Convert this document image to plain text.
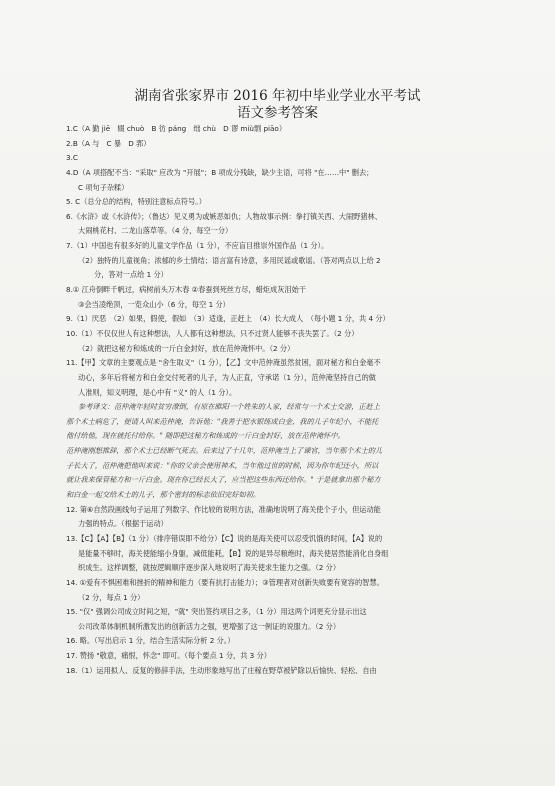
湖南省张家界市 2016 年初中毕业学业水平考试
语文参考答案
1.C（A 勤 jiē　辍 chuò　B 彷 páng　绌 chù　D 谬 miù剽 piāo）
2.B（A 与　C 暴　D 郛）
3.C
4.D（A 项搭配不当："采取" 应改为 "开展"；B 项成分残缺，缺少主语，可将 "在……中" 删去；
C 项句子杂糅）
5. C（总分总的结构，特别注意标点符号。）
6.《水浒》或《水浒传》；（鲁达）见义勇为或嫉恶如仇；人物故事示例：拳打镇关西、大闹野猪林、
大闹桃花村、二龙山落草等。（4 分，每空一分）
7.（1）中国也有很多好的儿童文学作品（1 分），不应盲目推崇外国作品（1 分）。
（2）独特的儿童视角；浓郁的乡土情结；语言富有诗意，多用民谣或歌谣。（答对两点以上给 2
分，答对一点给 1 分）
8.① 江舟倒畔千帆过，病树前头万木春 ②春蚕到死丝方尽，蜡炬成灰泪始干
③会当凌绝顶，一览众山小（6 分，每空 1 分）
9.（1）厌恶　（2）如果，假使，假如　（3）适逢，正赶上　（4）长大成人　（每小题 1 分，共 4 分）
10.（1）不仅仅世人有这种想法，人人都有这种想法，只不过贤人能够不丧失罢了。（2 分）
（2）就把这秘方和炼成的一斤白金封好，放在范仲淹怀中。（2 分）
11.【甲】文章的主要观点是 "舍生取义"（1 分），【乙】文中范仲淹虽然贫困，面对秘方和白金毫不
动心，多年后将秘方和白金交付死者的儿子，为人正直，守承诺（1 分），范仲淹坚持自己的做
人准则，知义明理，是心中有 "义" 的人（1 分）。
参考译文：范仲淹年轻时贫穷潦倒，有原在睢阳一个姓朱的人家，经常与一个术士交游，正赶上
那个术士病危了，便请人叫来范仲淹，告诉他："我善于把水银练成白金，我的儿子年纪小，不能托
他付给他，现在就托付给你。" 随即把这秘方和炼成的一斤白金封好，放在范仲淹怀中。
范仲淹刚想推辞，那个术士已经断气死去。后来过了十几年，范仲淹当上了谏官，当年那个术士的儿
子长大了，范仲淹把他叫来说："你的父亲会使用神术，当年他过世的时候，因为你年纪还小，所以
就让我来保管秘方和一斤白金。现在你已经长大了，应当把这些东西还给你。" 于是就拿出那个秘方
和白金一起交给术士的儿子，那个密封的标志依旧完好如初。
12. 第⑥自然段画线句子运用了列数字、作比较的说明方法，准确地说明了海关使个子小，但运动能
力强的特点。（根据于运动）
13.【C】【A】【B】（1 分）（排序错误即不给分）【C】说的是海关使可以忍受饥饿的时间，【A】说的
是能量不够时，海关使能缩小身躯，减低能耗，【B】说的是异尽粮绝时，海关使居然能消化自身组
织成生。这样调整，就按逻辑顺序逐步深入地说明了海关使求生能力之强。（2 分）
14. ①爱有不惧困难和挫折的精神和能力（要有抗打击能力）；③管理者对创新失败要有宽容的智慧。
（2 分，每点 1 分）
15. "仅" 强调公司成立时间之短，"就" 突出签约项目之多，（1 分）用这两个词更充分显示出这
公司改革体制机制所激发出的创新活力之强，更增强了这一例证的说服力。（2 分）
16. 略。（写出启示 1 分，结合生活实际分析 2 分。）
17. 赞扬 "敬意，痛恨，怀念" 即可。（每个要点 1 分，共 3 分）
18.（1）运用拟人、反复的修辞手法，生动形象地写出了庄稼在野草被铲除以后愉快、轻松、自由
